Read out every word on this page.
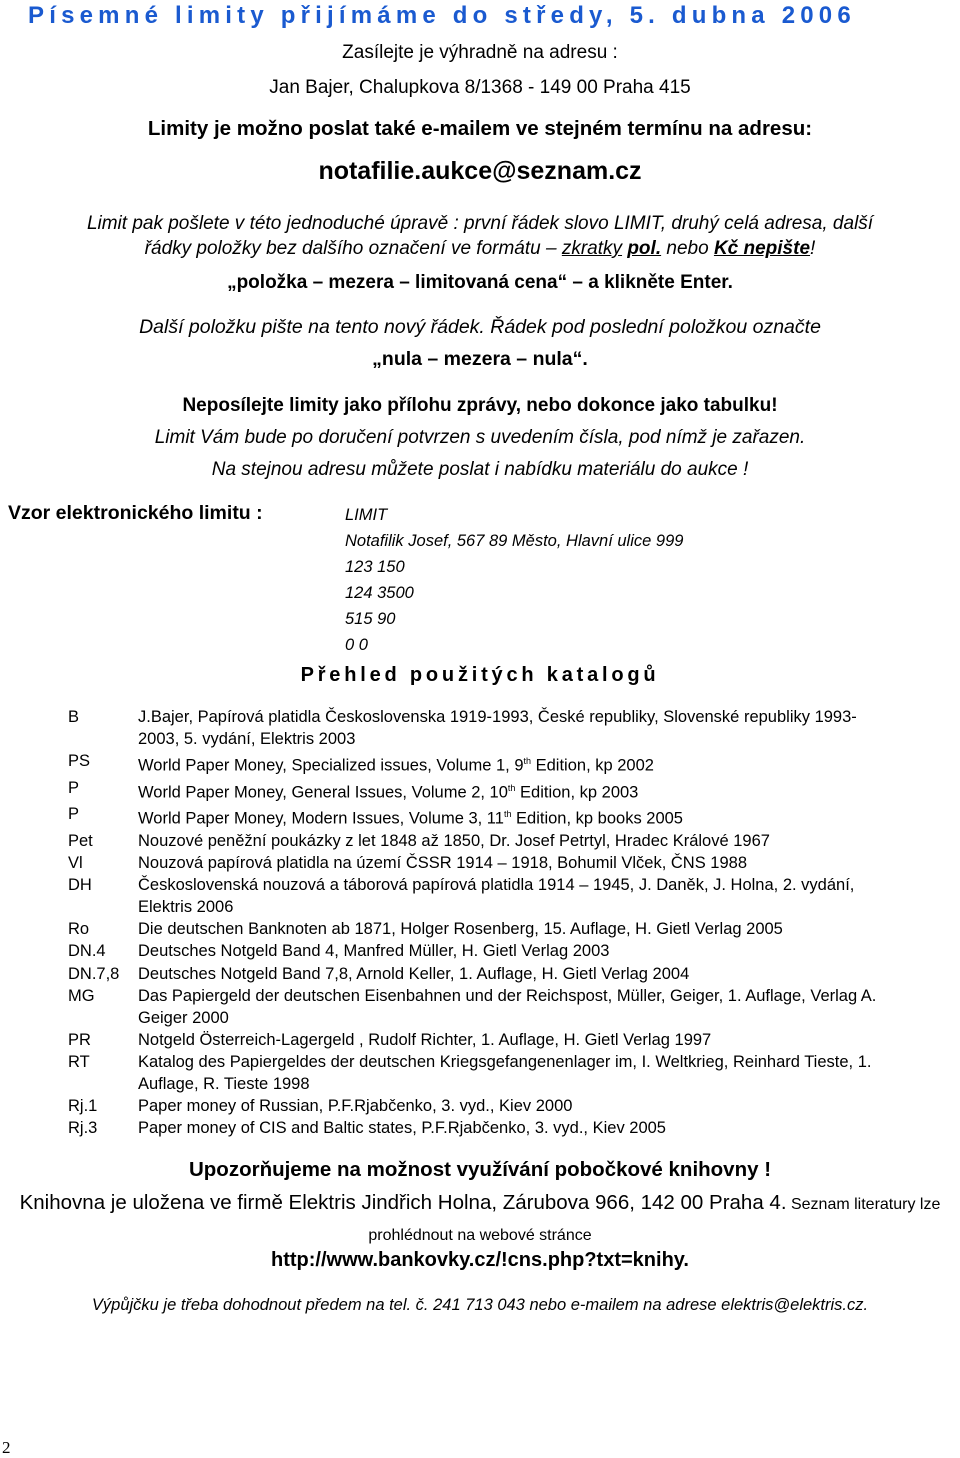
Písemné limity přijímáme do středy, 5. dubna 2006
Zasílejte je výhradně na adresu :
Jan Bajer, Chalupkova 8/1368 - 149 00 Praha 415
Limity je možno poslat také e-mailem ve stejném termínu na adresu:
notafilie.aukce@seznam.cz
Limit pak pošlete v této jednoduché úpravě : první řádek slovo LIMIT, druhý celá adresa, další
řádky položky bez dalšího označení ve formátu – zkratky pol. nebo Kč nepište!
„položka – mezera – limitovaná cena“ – a klikněte Enter.
Další položku pište na tento nový řádek. Řádek pod poslední položkou označte
„nula – mezera – nula“.
Neposílejte limity jako přílohu zprávy, nebo dokonce jako tabulku!
Limit Vám bude po doručení potvrzen s uvedením čísla, pod nímž je zařazen.
Na stejnou adresu můžete poslat i nabídku materiálu do aukce !
Vzor elektronického limitu :	LIMIT
Notafilik Josef, 567 89 Město, Hlavní ulice 999
123 150
124 3500
515 90
0 0
Přehled použitých katalogů
B	J.Bajer, Papírová platidla Československa 1919-1993, České republiky, Slovenské republiky 1993-2003, 5. vydání, Elektris 2003
PS	World Paper Money, Specialized issues, Volume 1, 9th Edition, kp 2002
P	World Paper Money, General Issues, Volume 2, 10th Edition, kp 2003
P	World Paper Money, Modern Issues, Volume 3, 11th Edition, kp books 2005
Pet	Nouzové peněžní poukázky z let 1848 až 1850, Dr. Josef Petrtyl, Hradec Králové 1967
Vl	Nouzová papírová platidla na území ČSSR 1914 – 1918, Bohumil Vlček, ČNS 1988
DH	Československá nouzová a táborová papírová platidla 1914 – 1945, J. Daněk, J. Holna, 2. vydání, Elektris 2006
Ro	Die deutschen Banknoten ab 1871, Holger Rosenberg, 15. Auflage, H. Gietl Verlag 2005
DN.4	Deutsches Notgeld Band 4, Manfred Müller, H. Gietl Verlag 2003
DN.7,8	Deutsches Notgeld Band 7,8, Arnold Keller, 1. Auflage, H. Gietl Verlag 2004
MG	Das Papiergeld der deutschen Eisenbahnen und der Reichspost, Müller, Geiger, 1. Auflage, Verlag A. Geiger 2000
PR	Notgeld Österreich-Lagergeld , Rudolf Richter, 1. Auflage, H. Gietl Verlag 1997
RT	Katalog des Papiergeldes der deutschen Kriegsgefangenenlager im, I. Weltkrieg, Reinhard Tieste, 1. Auflage, R. Tieste 1998
Rj.1	Paper money of Russian, P.F.Rjabčenko, 3. vyd., Kiev 2000
Rj.3	Paper money of CIS and Baltic states, P.F.Rjabčenko, 3. vyd., Kiev 2005
Upozorňujeme na možnost využívání pobočkové knihovny !
Knihovna je uložena ve firmě Elektris Jindřich Holna, Zárubova 966, 142 00 Praha 4. Seznam literatury lze prohlédnout na webové stránce
http://www.bankovky.cz/!cns.php?txt=knihy.
Výpůjčku je třeba dohodnout předem na tel. č. 241 713 043 nebo e-mailem na adrese elektris@elektris.cz.
2
